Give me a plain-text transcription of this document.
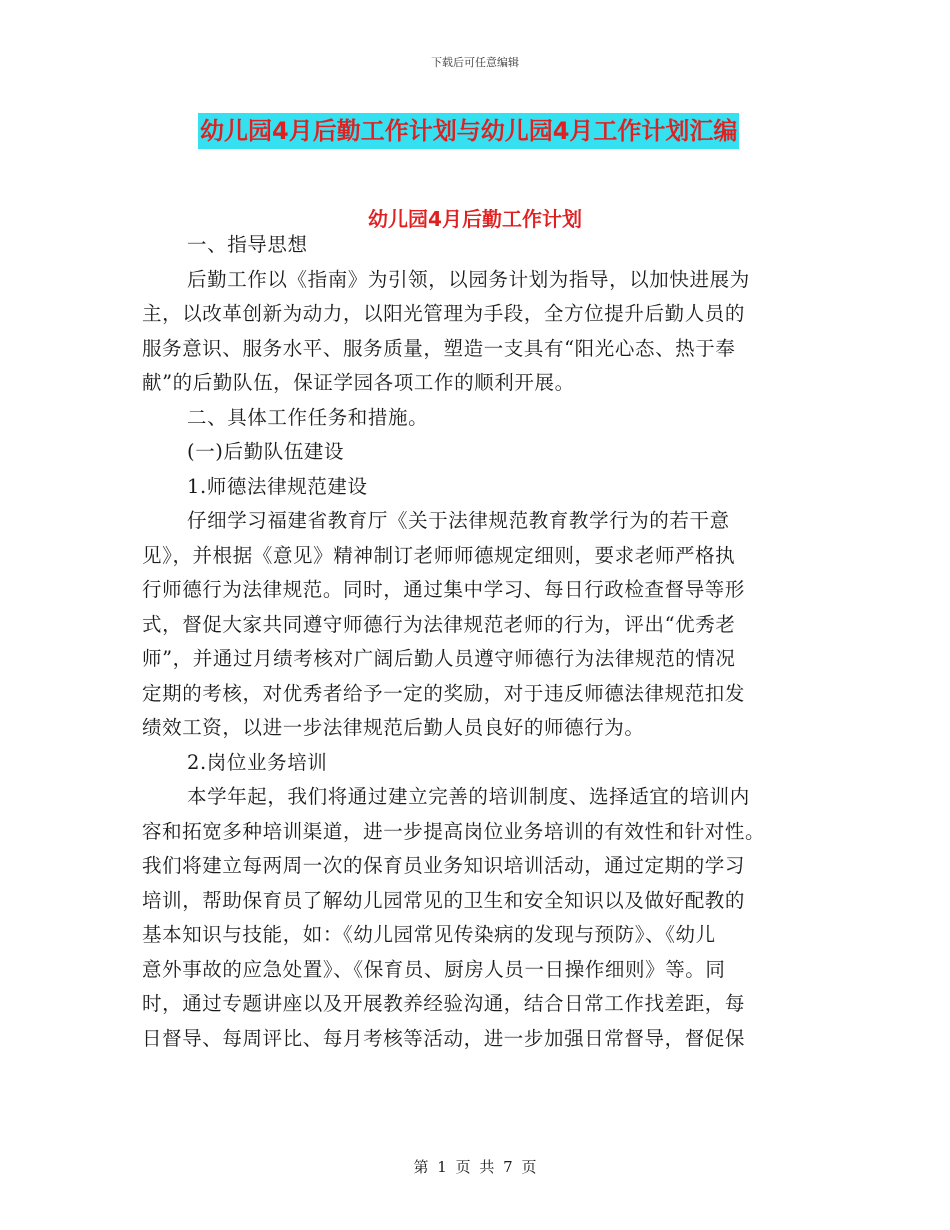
下载后可任意编辑
幼儿园4月后勤工作计划与幼儿园4月工作计划汇编
幼儿园4月后勤工作计划

一、指导思想

后勤工作以《指南》为引领，以园务计划为指导，以加快进展为

主，以改革创新为动力，以阳光管理为手段，全方位提升后勤人员的

服务意识、服务水平、服务质量，塑造一支具有“阳光心态、热于奉

献”的后勤队伍，保证学园各项工作的顺利开展。

二、具体工作任务和措施。

(一)后勤队伍建设

1.师德法律规范建设

仔细学习福建省教育厅《关于法律规范教育教学行为的若干意

见》，并根据《意见》精神制订老师师德规定细则，要求老师严格执

行师德行为法律规范。同时，通过集中学习、每日行政检查督导等形

式，督促大家共同遵守师德行为法律规范老师的行为，评出“优秀老

师”，并通过月绩考核对广阔后勤人员遵守师德行为法律规范的情况

定期的考核，对优秀者给予一定的奖励，对于违反师德法律规范扣发

绩效工资，以进一步法律规范后勤人员良好的师德行为。

2.岗位业务培训

本学年起，我们将通过建立完善的培训制度、选择适宜的培训内

容和拓宽多种培训渠道，进一步提高岗位业务培训的有效性和针对性。

我们将建立每两周一次的保育员业务知识培训活动，通过定期的学习

培训，帮助保育员了解幼儿园常见的卫生和安全知识以及做好配教的

基本知识与技能，如：《幼儿园常见传染病的发现与预防》、《幼儿

意外事故的应急处置》、《保育员、厨房人员一日操作细则》等。同

时，通过专题讲座以及开展教养经验沟通，结合日常工作找差距，每

日督导、每周评比、每月考核等活动，进一步加强日常督导，督促保

第 1 页 共 7 页
